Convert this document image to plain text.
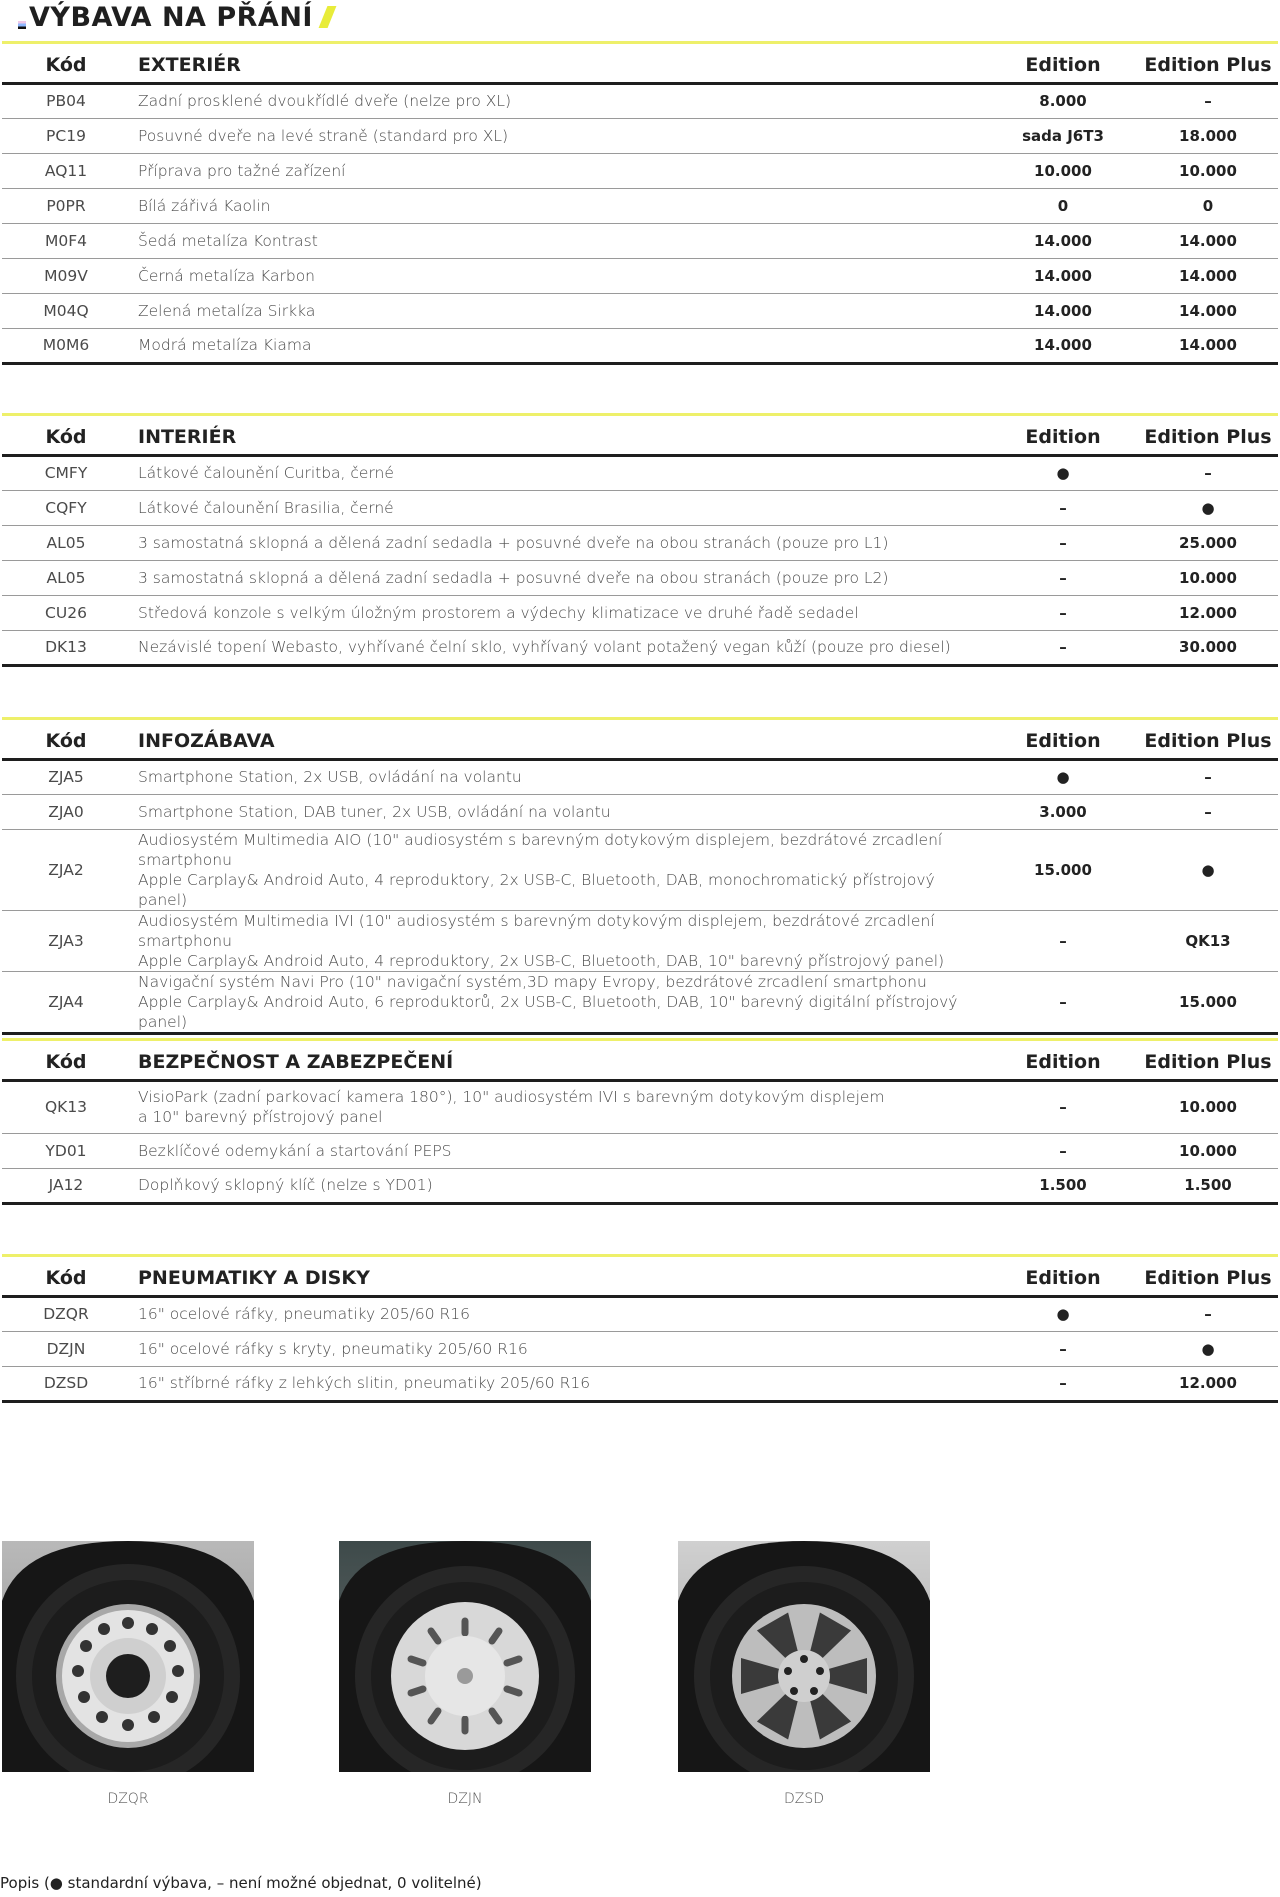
VÝBAVA NA PŘÁNÍ
Kód	EXTERIÉR	Edition	Edition Plus
PB04	Zadní prosklené dvoukřídlé dveře (nelze pro XL)	8.000	–
PC19	Posuvné dveře na levé straně (standard pro XL)	sada J6T3	18.000
AQ11	Příprava pro tažné zařízení	10.000	10.000
P0PR	Bílá zářivá Kaolin	0	0
M0F4	Šedá metalíza Kontrast	14.000	14.000
M09V	Černá metalíza Karbon	14.000	14.000
M04Q	Zelená metalíza Sirkka	14.000	14.000
M0M6	Modrá metalíza Kiama	14.000	14.000
Kód	INTERIÉR	Edition	Edition Plus
CMFY	Látkové čalounění Curitba, černé	●	–
CQFY	Látkové čalounění Brasilia, černé	–	●
AL05	3 samostatná sklopná a dělená zadní sedadla + posuvné dveře na obou stranách (pouze pro L1)	–	25.000
AL05	3 samostatná sklopná a dělená zadní sedadla + posuvné dveře na obou stranách (pouze pro L2)	–	10.000
CU26	Středová konzole s velkým úložným prostorem a výdechy klimatizace ve druhé řadě sedadel	–	12.000
DK13	Nezávislé topení Webasto, vyhřívané čelní sklo, vyhřívaný volant potažený vegan kůží (pouze pro diesel)	–	30.000
Kód	INFOZÁBAVA	Edition	Edition Plus
ZJA5	Smartphone Station, 2x USB, ovládání na volantu	●	–
ZJA0	Smartphone Station, DAB tuner, 2x USB, ovládání na volantu	3.000	–
ZJA2	Audiosystém Multimedia AIO (10" audiosystém s barevným dotykovým displejem, bezdrátové zrcadlení smartphonu
Apple Carplay& Android Auto, 4 reproduktory, 2x USB-C, Bluetooth, DAB, monochromatický přístrojový panel)	15.000	●
ZJA3	Audiosystém Multimedia IVI (10" audiosystém s barevným dotykovým displejem, bezdrátové zrcadlení smartphonu
Apple Carplay& Android Auto, 4 reproduktory, 2x USB-C, Bluetooth, DAB, 10" barevný přístrojový panel)	–	QK13
ZJA4	Navigační systém Navi Pro (10" navigační systém,3D mapy Evropy, bezdrátové zrcadlení smartphonu
Apple Carplay& Android Auto, 6 reproduktorů, 2x USB-C, Bluetooth, DAB, 10" barevný digitální přístrojový panel)	–	15.000
Kód	BEZPEČNOST A ZABEZPEČENÍ	Edition	Edition Plus
QK13	VisioPark (zadní parkovací kamera 180°), 10" audiosystém IVI s barevným dotykovým displejem
a 10" barevný přístrojový panel	–	10.000
YD01	Bezklíčové odemykání a startování PEPS	–	10.000
JA12	Doplňkový sklopný klíč (nelze s YD01)	1.500	1.500
Kód	PNEUMATIKY A DISKY	Edition	Edition Plus
DZQR	16" ocelové ráfky, pneumatiky 205/60 R16	●	–
DZJN	16" ocelové ráfky s kryty, pneumatiky 205/60 R16	–	●
DZSD	16" stříbrné ráfky z lehkých slitin, pneumatiky 205/60 R16	–	12.000
DZQR	DZJN	DZSD
Popis (● standardní výbava, – není možné objednat, 0 volitelné)
